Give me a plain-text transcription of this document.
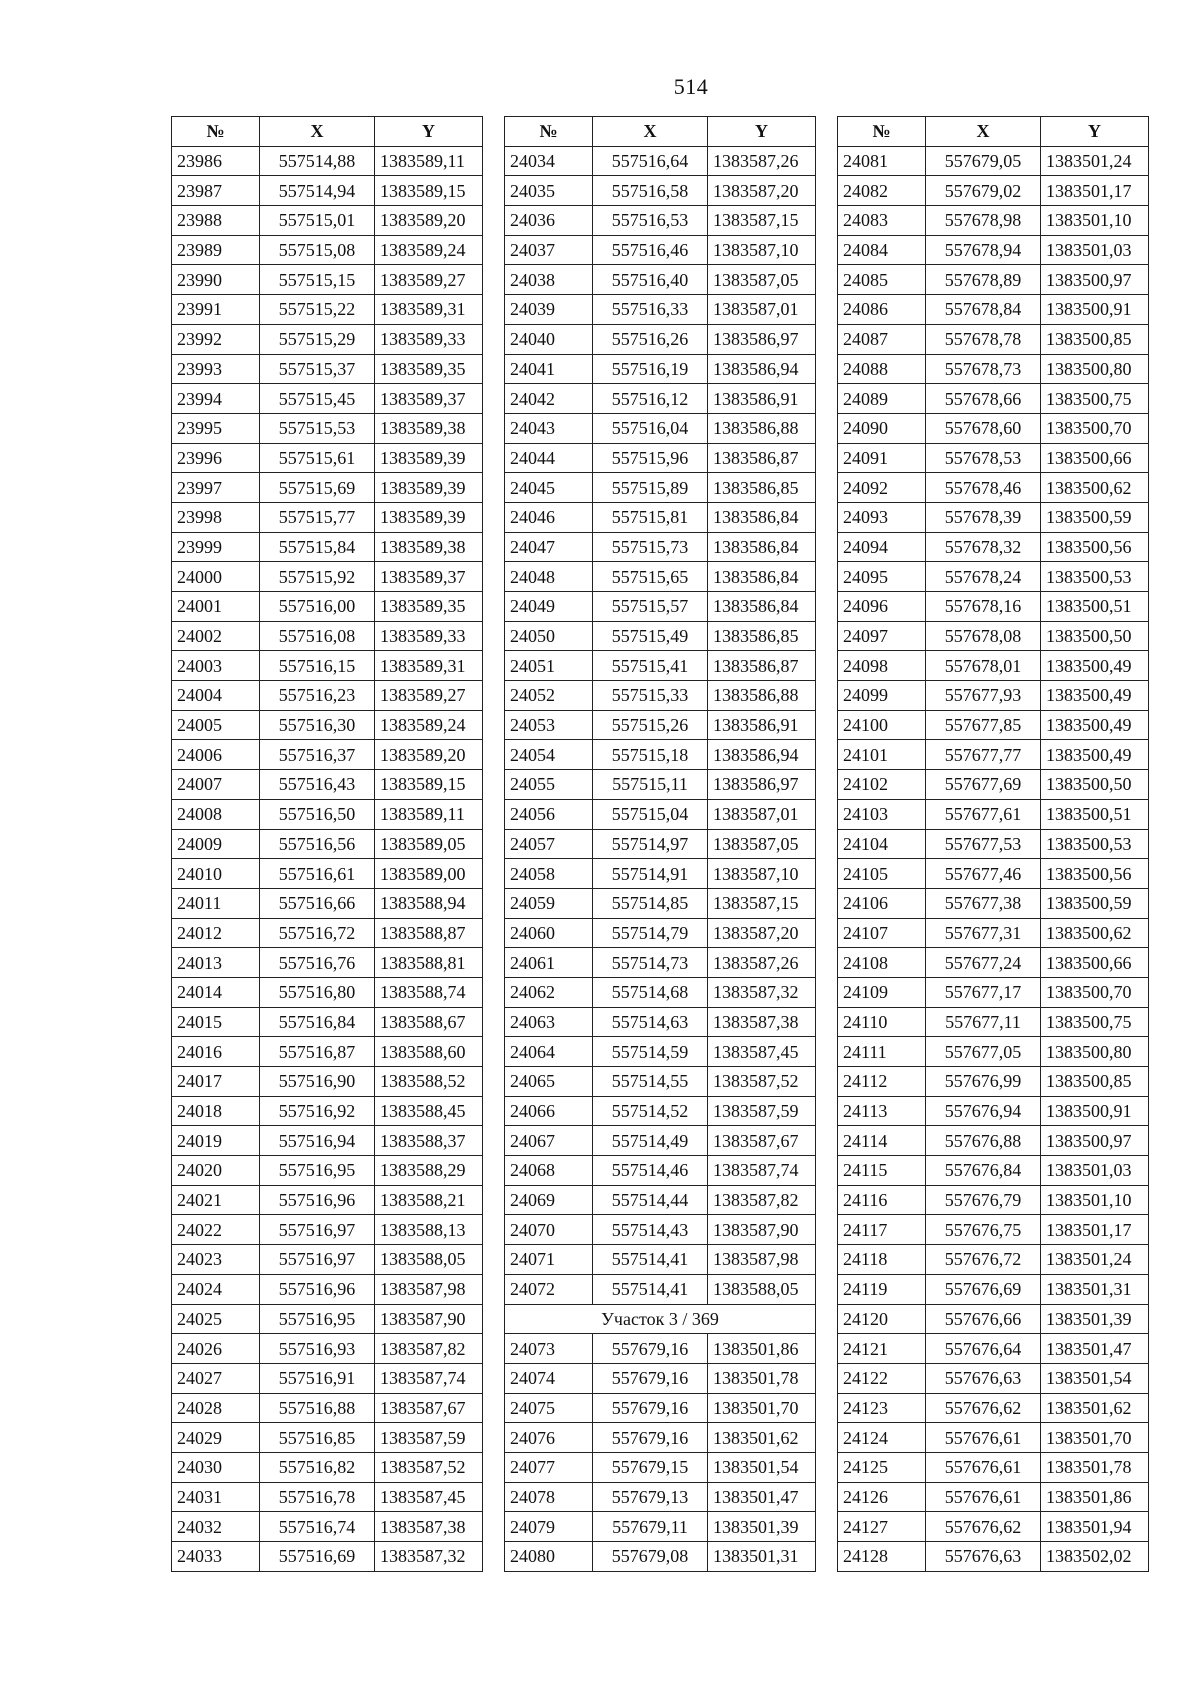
514
№	X	Y
23986	557514,88	1383589,11
23987	557514,94	1383589,15
23988	557515,01	1383589,20
23989	557515,08	1383589,24
23990	557515,15	1383589,27
23991	557515,22	1383589,31
23992	557515,29	1383589,33
23993	557515,37	1383589,35
23994	557515,45	1383589,37
23995	557515,53	1383589,38
23996	557515,61	1383589,39
23997	557515,69	1383589,39
23998	557515,77	1383589,39
23999	557515,84	1383589,38
24000	557515,92	1383589,37
24001	557516,00	1383589,35
24002	557516,08	1383589,33
24003	557516,15	1383589,31
24004	557516,23	1383589,27
24005	557516,30	1383589,24
24006	557516,37	1383589,20
24007	557516,43	1383589,15
24008	557516,50	1383589,11
24009	557516,56	1383589,05
24010	557516,61	1383589,00
24011	557516,66	1383588,94
24012	557516,72	1383588,87
24013	557516,76	1383588,81
24014	557516,80	1383588,74
24015	557516,84	1383588,67
24016	557516,87	1383588,60
24017	557516,90	1383588,52
24018	557516,92	1383588,45
24019	557516,94	1383588,37
24020	557516,95	1383588,29
24021	557516,96	1383588,21
24022	557516,97	1383588,13
24023	557516,97	1383588,05
24024	557516,96	1383587,98
24025	557516,95	1383587,90
24026	557516,93	1383587,82
24027	557516,91	1383587,74
24028	557516,88	1383587,67
24029	557516,85	1383587,59
24030	557516,82	1383587,52
24031	557516,78	1383587,45
24032	557516,74	1383587,38
24033	557516,69	1383587,32
№	X	Y
24034	557516,64	1383587,26
24035	557516,58	1383587,20
24036	557516,53	1383587,15
24037	557516,46	1383587,10
24038	557516,40	1383587,05
24039	557516,33	1383587,01
24040	557516,26	1383586,97
24041	557516,19	1383586,94
24042	557516,12	1383586,91
24043	557516,04	1383586,88
24044	557515,96	1383586,87
24045	557515,89	1383586,85
24046	557515,81	1383586,84
24047	557515,73	1383586,84
24048	557515,65	1383586,84
24049	557515,57	1383586,84
24050	557515,49	1383586,85
24051	557515,41	1383586,87
24052	557515,33	1383586,88
24053	557515,26	1383586,91
24054	557515,18	1383586,94
24055	557515,11	1383586,97
24056	557515,04	1383587,01
24057	557514,97	1383587,05
24058	557514,91	1383587,10
24059	557514,85	1383587,15
24060	557514,79	1383587,20
24061	557514,73	1383587,26
24062	557514,68	1383587,32
24063	557514,63	1383587,38
24064	557514,59	1383587,45
24065	557514,55	1383587,52
24066	557514,52	1383587,59
24067	557514,49	1383587,67
24068	557514,46	1383587,74
24069	557514,44	1383587,82
24070	557514,43	1383587,90
24071	557514,41	1383587,98
24072	557514,41	1383588,05
Участок 3 / 369		
24073	557679,16	1383501,86
24074	557679,16	1383501,78
24075	557679,16	1383501,70
24076	557679,16	1383501,62
24077	557679,15	1383501,54
24078	557679,13	1383501,47
24079	557679,11	1383501,39
24080	557679,08	1383501,31
№	X	Y
24081	557679,05	1383501,24
24082	557679,02	1383501,17
24083	557678,98	1383501,10
24084	557678,94	1383501,03
24085	557678,89	1383500,97
24086	557678,84	1383500,91
24087	557678,78	1383500,85
24088	557678,73	1383500,80
24089	557678,66	1383500,75
24090	557678,60	1383500,70
24091	557678,53	1383500,66
24092	557678,46	1383500,62
24093	557678,39	1383500,59
24094	557678,32	1383500,56
24095	557678,24	1383500,53
24096	557678,16	1383500,51
24097	557678,08	1383500,50
24098	557678,01	1383500,49
24099	557677,93	1383500,49
24100	557677,85	1383500,49
24101	557677,77	1383500,49
24102	557677,69	1383500,50
24103	557677,61	1383500,51
24104	557677,53	1383500,53
24105	557677,46	1383500,56
24106	557677,38	1383500,59
24107	557677,31	1383500,62
24108	557677,24	1383500,66
24109	557677,17	1383500,70
24110	557677,11	1383500,75
24111	557677,05	1383500,80
24112	557676,99	1383500,85
24113	557676,94	1383500,91
24114	557676,88	1383500,97
24115	557676,84	1383501,03
24116	557676,79	1383501,10
24117	557676,75	1383501,17
24118	557676,72	1383501,24
24119	557676,69	1383501,31
24120	557676,66	1383501,39
24121	557676,64	1383501,47
24122	557676,63	1383501,54
24123	557676,62	1383501,62
24124	557676,61	1383501,70
24125	557676,61	1383501,78
24126	557676,61	1383501,86
24127	557676,62	1383501,94
24128	557676,63	1383502,02
